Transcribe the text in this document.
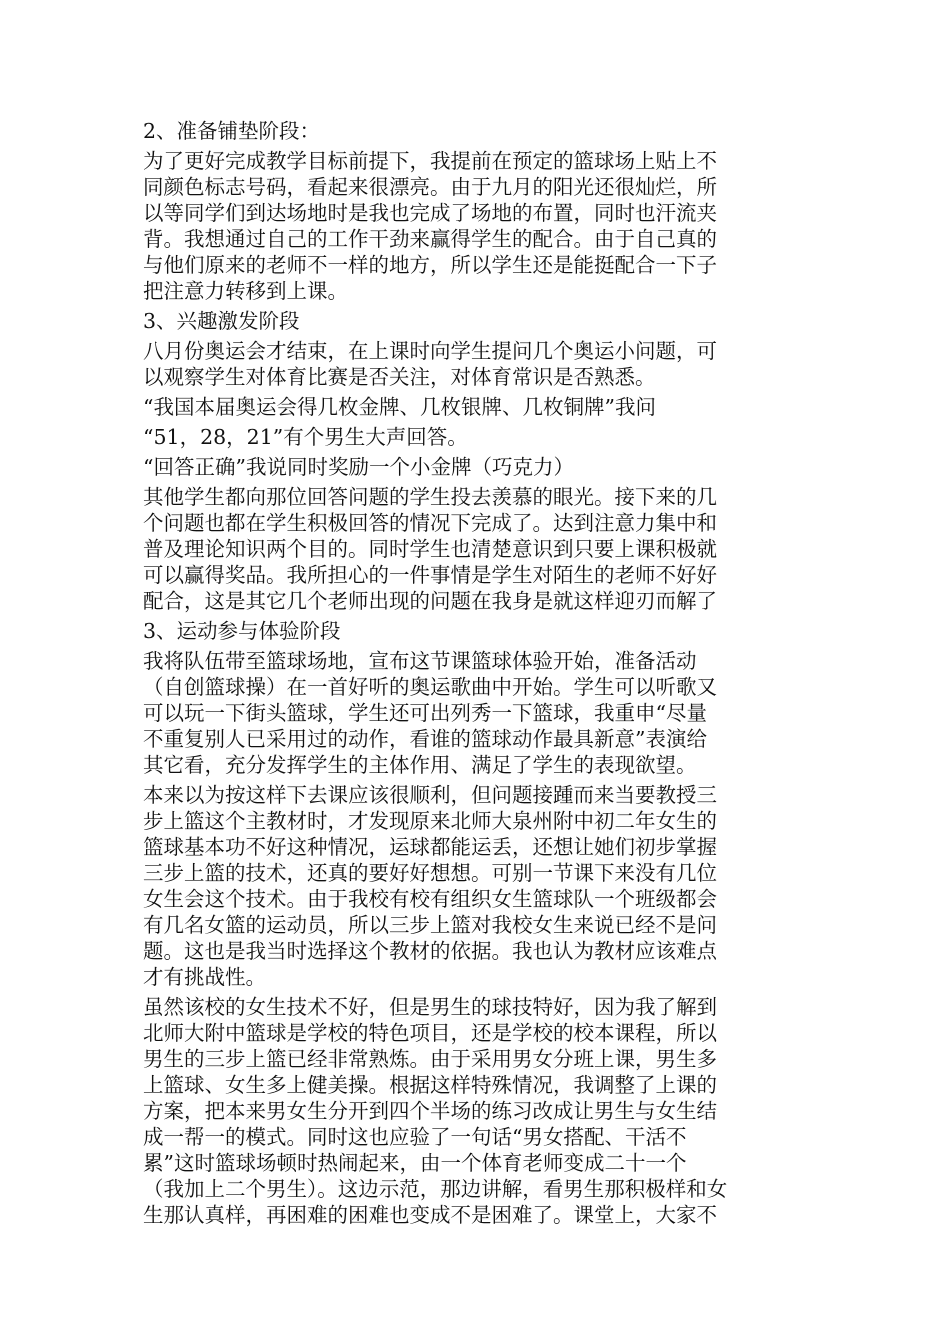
2、准备铺垫阶段：
为了更好完成教学目标前提下，我提前在预定的篮球场上贴上不
同颜色标志号码，看起来很漂亮。由于九月的阳光还很灿烂，所
以等同学们到达场地时是我也完成了场地的布置，同时也汗流夹
背。我想通过自己的工作干劲来赢得学生的配合。由于自己真的
与他们原来的老师不一样的地方，所以学生还是能挺配合一下子
把注意力转移到上课。
3、兴趣激发阶段
八月份奥运会才结束，在上课时向学生提问几个奥运小问题，可
以观察学生对体育比赛是否关注，对体育常识是否熟悉。
“我国本届奥运会得几枚金牌、几枚银牌、几枚铜牌”我问
“51，28，21”有个男生大声回答。
“回答正确”我说同时奖励一个小金牌（巧克力）
其他学生都向那位回答问题的学生投去羡慕的眼光。接下来的几
个问题也都在学生积极回答的情况下完成了。达到注意力集中和
普及理论知识两个目的。同时学生也清楚意识到只要上课积极就
可以赢得奖品。我所担心的一件事情是学生对陌生的老师不好好
配合，这是其它几个老师出现的问题在我身是就这样迎刃而解了
3、运动参与体验阶段
我将队伍带至篮球场地，宣布这节课篮球体验开始，准备活动
（自创篮球操）在一首好听的奥运歌曲中开始。学生可以听歌又
可以玩一下街头篮球，学生还可出列秀一下篮球，我重申“尽量
不重复别人已采用过的动作，看谁的篮球动作最具新意”表演给
其它看，充分发挥学生的主体作用、满足了学生的表现欲望。
本来以为按这样下去课应该很顺利，但问题接踵而来当要教授三
步上篮这个主教材时，才发现原来北师大泉州附中初二年女生的
篮球基本功不好这种情况，运球都能运丢，还想让她们初步掌握
三步上篮的技术，还真的要好好想想。可别一节课下来没有几位
女生会这个技术。由于我校有校有组织女生篮球队一个班级都会
有几名女篮的运动员，所以三步上篮对我校女生来说已经不是问
题。这也是我当时选择这个教材的依据。我也认为教材应该难点
才有挑战性。
虽然该校的女生技术不好，但是男生的球技特好，因为我了解到
北师大附中篮球是学校的特色项目，还是学校的校本课程，所以
男生的三步上篮已经非常熟炼。由于采用男女分班上课，男生多
上篮球、女生多上健美操。根据这样特殊情况，我调整了上课的
方案，把本来男女生分开到四个半场的练习改成让男生与女生结
成一帮一的模式。同时这也应验了一句话“男女搭配、干活不
累”这时篮球场顿时热闹起来，由一个体育老师变成二十一个
（我加上二个男生）。这边示范，那边讲解，看男生那积极样和女
生那认真样，再困难的困难也变成不是困难了。课堂上，大家不
